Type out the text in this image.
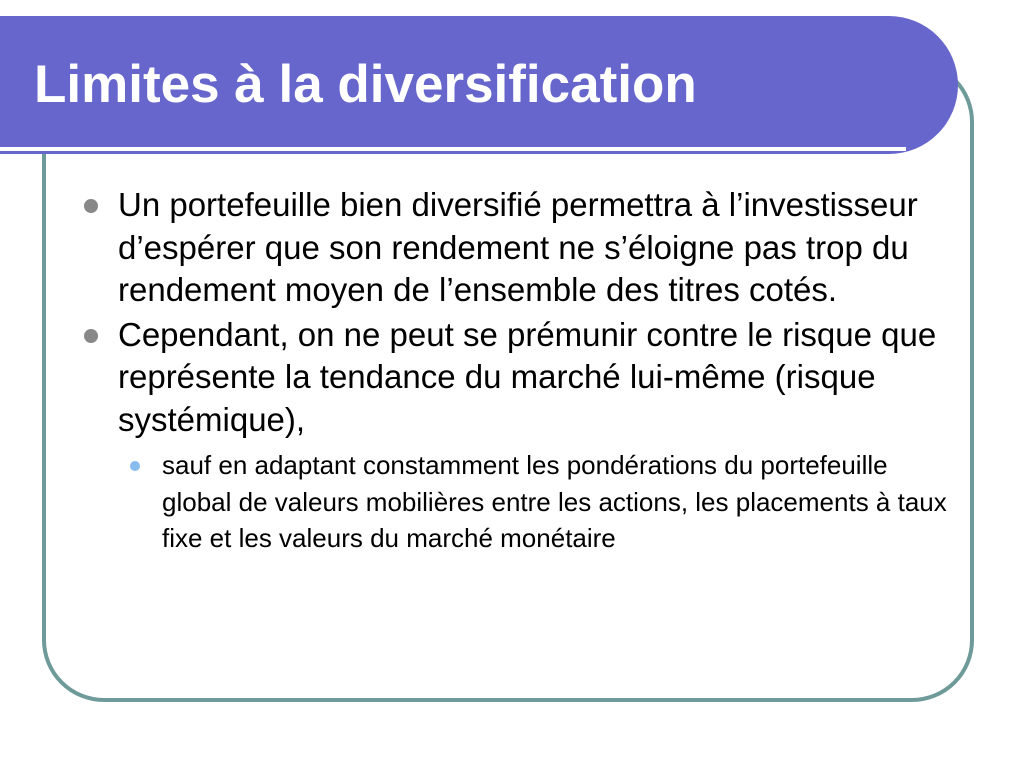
Limites à la diversification
Un portefeuille bien diversifié permettra à l’investisseur d’espérer que son rendement ne s’éloigne pas trop du rendement moyen de l’ensemble des titres cotés.
Cependant, on ne peut se prémunir contre le risque que représente la tendance du marché lui-même (risque systémique),
sauf en adaptant constamment les pondérations du portefeuille global de valeurs mobilières entre les actions, les placements à taux fixe et les valeurs du marché monétaire
